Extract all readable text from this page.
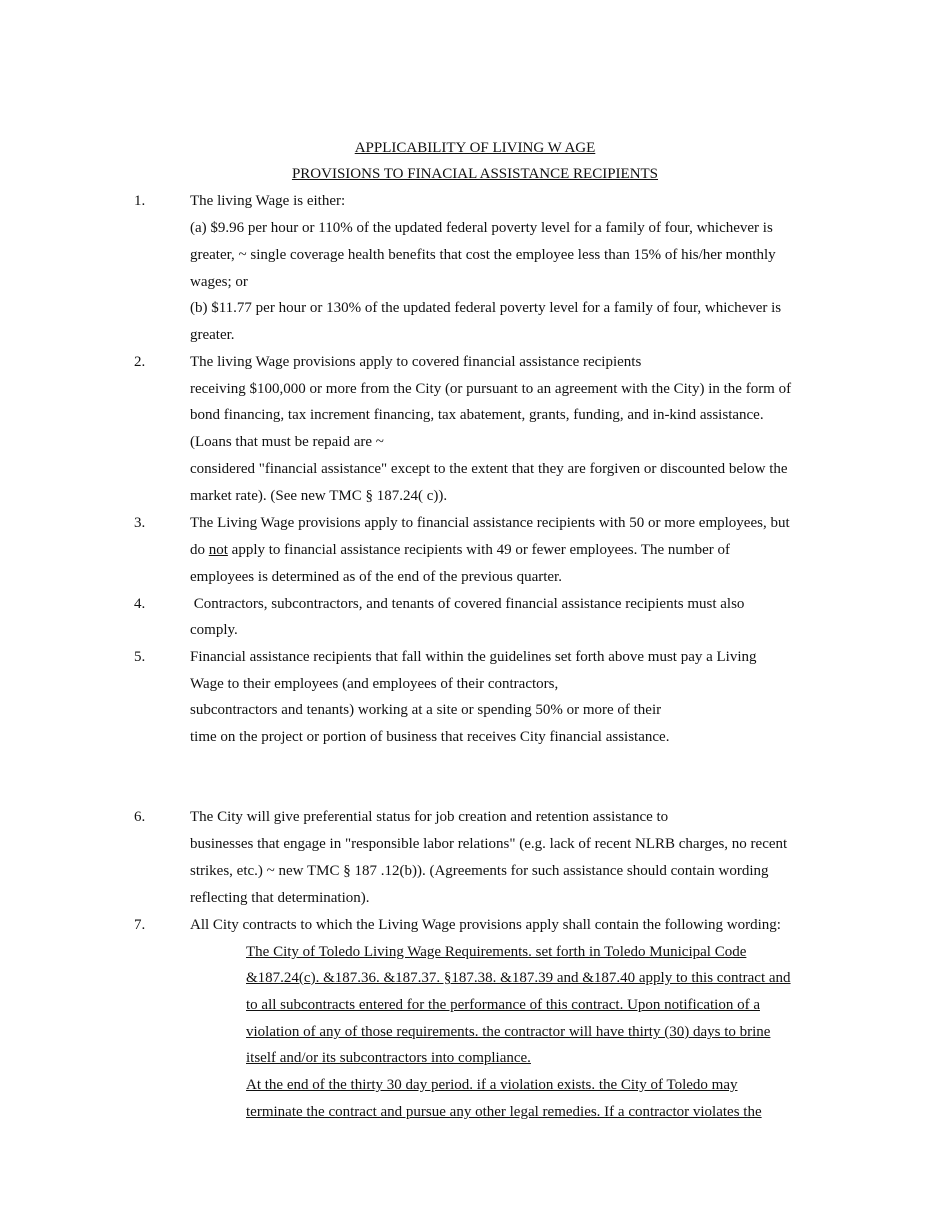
APPLICABILITY OF LIVING W AGE
PROVISIONS TO FINACIAL ASSISTANCE RECIPIENTS
1.	The living Wage is either:
(a) $9.96 per hour or 110% of the updated federal poverty level for a family of four, whichever is
greater, ~ single coverage health benefits that cost the employee less than 15% of his/her monthly
wages; or
(b) $11.77 per hour or 130% of the updated federal poverty level for a family of four, whichever is
greater.
2.	The living Wage provisions apply to covered financial assistance recipients
receiving $100,000 or more from the City (or pursuant to an agreement with the City) in the form of
bond financing, tax increment financing, tax abatement, grants, funding, and in-kind assistance.
(Loans that must be repaid are ~
considered "financial assistance" except to the extent that they are forgiven or discounted below the
market rate). (See new TMC § 187.24( c)).
3.	The Living Wage provisions apply to financial assistance recipients with 50 or more employees, but
do not apply to financial assistance recipients with 49 or fewer employees. The number of
employees is determined as of the end of the previous quarter.
4.	Contractors, subcontractors, and tenants of covered financial assistance recipients must also
comply.
5.	Financial assistance recipients that fall within the guidelines set forth above must pay a Living
Wage to their employees (and employees of their contractors,
subcontractors and tenants) working at a site or spending 50% or more of their
time on the project or portion of business that receives City financial assistance.
6.	The City will give preferential status for job creation and retention assistance to
businesses that engage in "responsible labor relations" (e.g. lack of recent NLRB charges, no recent
strikes, etc.) ~ new TMC § 187 .12(b)). (Agreements for such assistance should contain wording
reflecting that determination).
7.	All City contracts to which the Living Wage provisions apply shall contain the following wording:
The City of Toledo Living Wage Requirements. set forth in Toledo Municipal Code
&187.24(c). &187.36. &187.37. §187.38. &187.39 and &187.40 apply to this contract and
to all subcontracts entered for the performance of this contract. Upon notification of a
violation of any of those requirements. the contractor will have thirty (30) days to brine
itself and/or its subcontractors into compliance.
At the end of the thirty 30 day period. if a violation exists. the City of Toledo may
terminate the contract and pursue any other legal remedies. If a contractor violates the
